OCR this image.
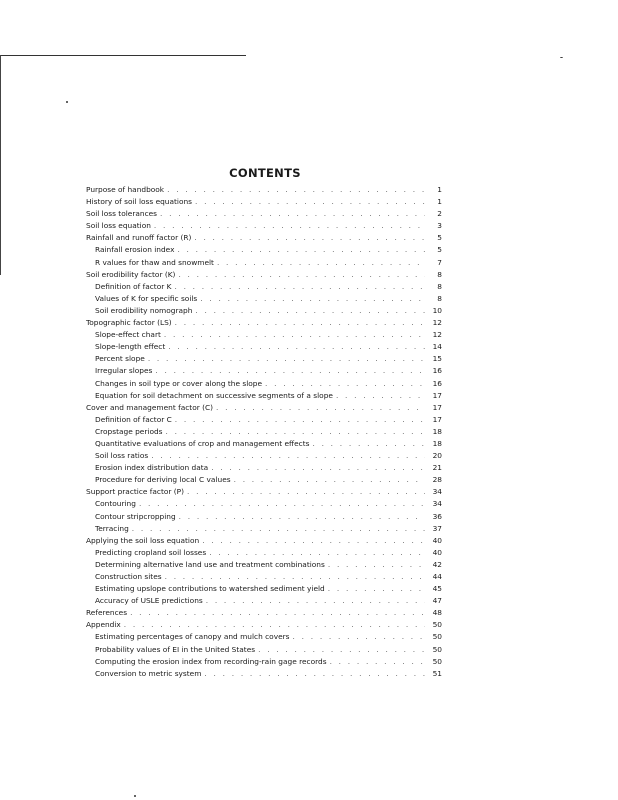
CONTENTS
Purpose of handbook . . .	1
History of soil loss equations . . .	1
Soil loss tolerances . . .	2
Soil loss equation . . .	3
Rainfall and runoff factor (R) . . .	5
Rainfall erosion index . . .	5
R values for thaw and snowmelt . . .	7
Soil erodibility factor (K) . . .	8
Definition of factor K . . .	8
Values of K for specific soils . . .	8
Soil erodibility nomograph . . .	10
Topographic factor (LS) . . .	12
Slope-effect chart . . .	12
Slope-length effect . . .	14
Percent slope . . .	15
Irregular slopes . . .	16
Changes in soil type or cover along the slope . . .	16
Equation for soil detachment on successive segments of a slope . . .	17
Cover and management factor (C) . . .	17
Definition of factor C . . .	17
Cropstage periods . . .	18
Quantitative evaluations of crop and management effects . . .	18
Soil loss ratios . . .	20
Erosion index distribution data . . .	21
Procedure for deriving local C values . . .	28
Support practice factor (P) . . .	34
Contouring . . .	34
Contour stripcropping . . .	36
Terracing . . .	37
Applying the soil loss equation . . .	40
Predicting cropland soil losses . . .	40
Determining alternative land use and treatment combinations . . .	42
Construction sites . . .	44
Estimating upslope contributions to watershed sediment yield . . .	45
Accuracy of USLE predictions . . .	47
References . . .	48
Appendix . . .	50
Estimating percentages of canopy and mulch covers . . .	50
Probability values of EI in the United States . . .	50
Computing the erosion index from recording-rain gage records . . .	50
Conversion to metric system . . .	51
